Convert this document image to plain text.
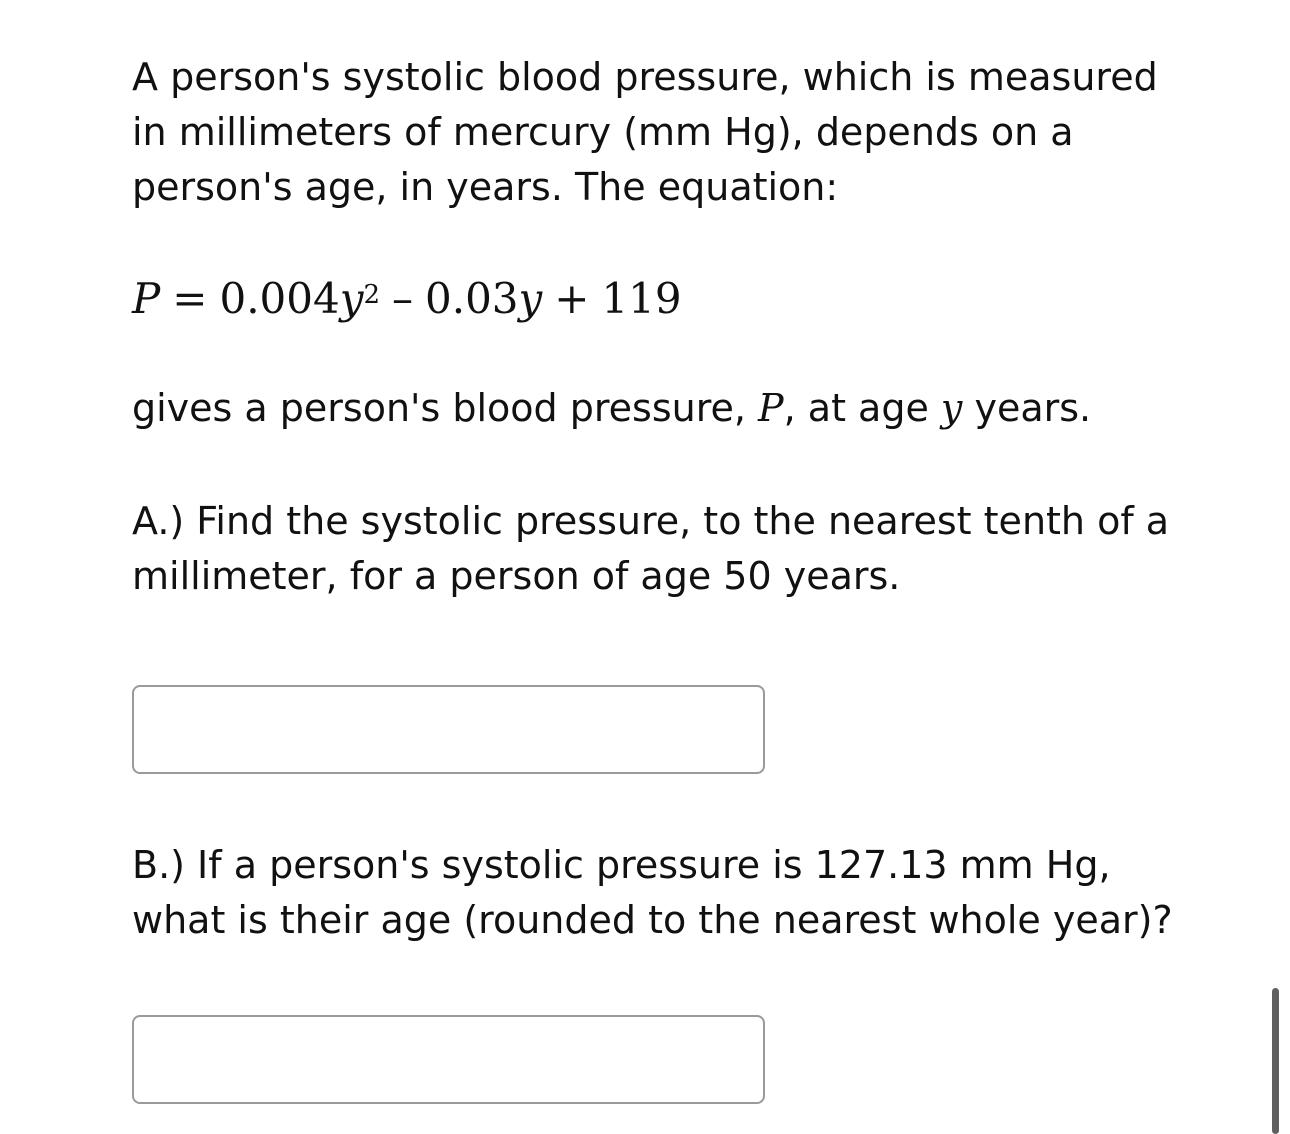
A person's systolic blood pressure, which is measured in millimeters of mercury (mm Hg), depends on a person's age, in years. The equation:

$P = 0.004y^2 - 0.03y + 119$

gives a person's blood pressure, P, at age y years.

A.) Find the systolic pressure, to the nearest tenth of a millimeter, for a person of age 50 years.

B.) If a person's systolic pressure is 127.13 mm Hg, what is their age (rounded to the nearest whole year)?
